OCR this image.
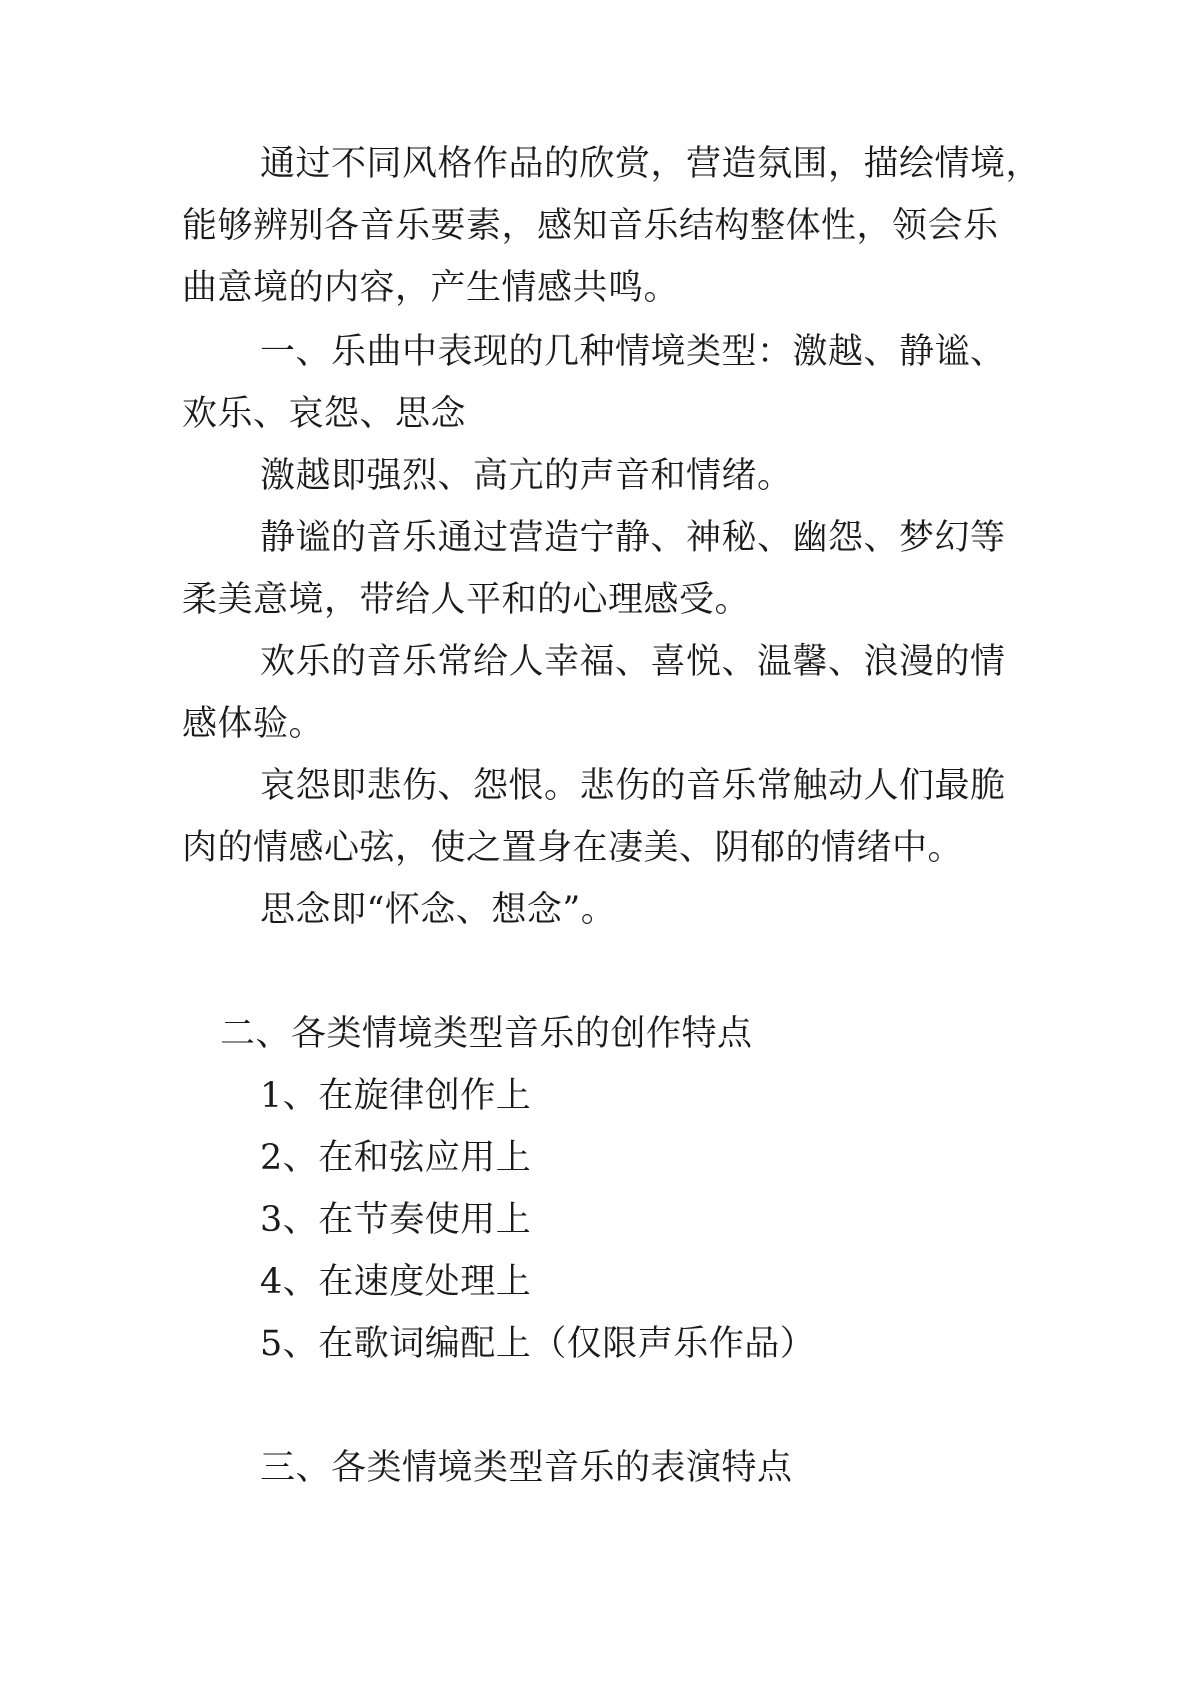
通过不同风格作品的欣赏，营造氛围，描绘情境，
能够辨别各音乐要素，感知音乐结构整体性，领会乐
曲意境的内容，产生情感共鸣。
一、乐曲中表现的几种情境类型：激越、静谧、
欢乐、哀怨、思念
激越即强烈、高亢的声音和情绪。
静谧的音乐通过营造宁静、神秘、幽怨、梦幻等
柔美意境，带给人平和的心理感受。
欢乐的音乐常给人幸福、喜悦、温馨、浪漫的情
感体验。
哀怨即悲伤、怨恨。悲伤的音乐常触动人们最脆
肉的情感心弦，使之置身在凄美、阴郁的情绪中。
思念即“怀念、想念”。
二、各类情境类型音乐的创作特点
1、在旋律创作上
2、在和弦应用上
3、在节奏使用上
4、在速度处理上
5、在歌词编配上（仅限声乐作品）
三、各类情境类型音乐的表演特点
